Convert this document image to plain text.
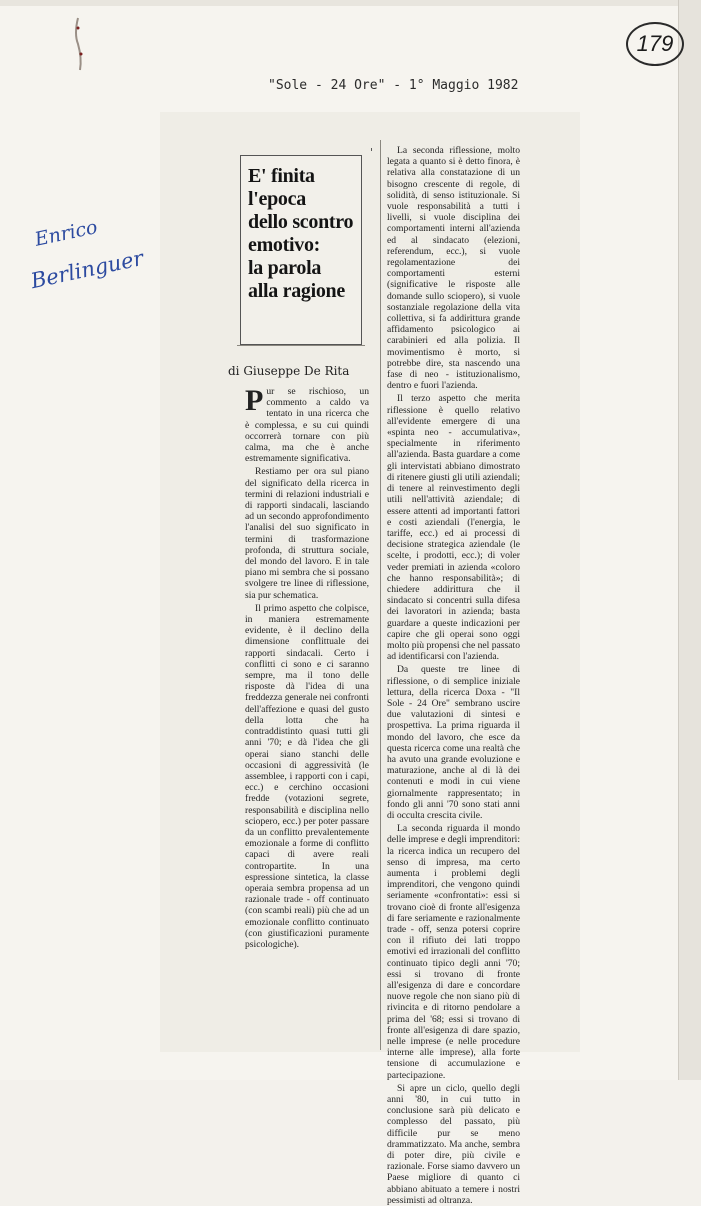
179
"Sole - 24 Ore" - 1° Maggio 1982
Enrico
Berlinguer
E' finita
l'epoca
dello scontro
emotivo:
la parola
alla ragione
di Giuseppe De Rita

Pur se rischioso, un commento a caldo va tentato in una ricerca che è complessa, e su cui quindi occorrerà tornare con più calma, ma che è anche estremamente significativa.

Restiamo per ora sul piano del significato della ricerca in termini di relazioni industriali e di rapporti sindacali, lasciando ad un secondo approfondimento l'analisi del suo significato in termini di trasformazione profonda, di struttura sociale, del mondo del lavoro. E in tale piano mi sembra che si possano svolgere tre linee di riflessione, sia pur schematica.

Il primo aspetto che colpisce, in maniera estremamente evidente, è il declino della dimensione conflittuale dei rapporti sindacali. Certo i conflitti ci sono e ci saranno sempre, ma il tono delle risposte dà l'idea di una freddezza generale nei confronti dell'affezione e quasi del gusto della lotta che ha contraddistinto quasi tutti gli anni '70; e dà l'idea che gli operai siano stanchi delle occasioni di aggressività (le assemblee, i rapporti con i capi, ecc.) e cerchino occasioni fredde (votazioni segrete, responsabilità e disciplina nello sciopero, ecc.) per poter passare da un conflitto prevalentemente emozionale a forme di conflitto capaci di avere reali contropartite. In una espressione sintetica, la classe operaia sembra propensa ad un razionale trade - off continuato (con scambi reali) più che ad un emozionale conflitto continuato (con giustificazioni puramente psicologiche).

'	La seconda riflessione, molto legata a quanto si è detto finora, è relativa alla constatazione di un bisogno crescente di regole, di solidità, di senso istituzionale. Si vuole responsabilità a tutti i livelli, si vuole disciplina dei comportamenti interni all'azienda ed al sindacato (elezioni, referendum, ecc.), si vuole regolamentazione dei comportamenti esterni (significative le risposte alle domande sullo sciopero), si vuole sostanziale regolazione della vita collettiva, si fa addirittura grande affidamento psicologico ai carabinieri ed alla polizia. Il movimentismo è morto, si potrebbe dire, sta nascendo una fase di neo - istituzionalismo, dentro e fuori l'azienda.

Il terzo aspetto che merita riflessione è quello relativo all'evidente emergere di una «spinta neo - accumulativa», specialmente in riferimento all'azienda. Basta guardare a come gli intervistati abbiano dimostrato di ritenere giusti gli utili aziendali; di tenere al reinvestimento degli utili nell'attività aziendale; di essere attenti ad importanti fattori e costi aziendali (l'energia, le tariffe, ecc.) ed ai processi di decisione strategica aziendale (le scelte, i prodotti, ecc.); di voler veder premiati in azienda «coloro che hanno responsabilità»; di chiedere addirittura che il sindacato si concentri sulla difesa dei lavoratori in azienda; basta guardare a queste indicazioni per capire che gli operai sono oggi molto più propensi che nel passato ad identificarsi con l'azienda.

Da queste tre linee di riflessione, o di semplice iniziale lettura, della ricerca Doxa - "Il Sole - 24 Ore" sembrano uscire due valutazioni di sintesi e prospettiva. La prima riguarda il mondo del lavoro, che esce da questa ricerca come una realtà che ha avuto una grande evoluzione e maturazione, anche al di là dei contenuti e modi in cui viene giornalmente rappresentato; in fondo gli anni '70 sono stati anni di occulta crescita civile.

La seconda riguarda il mondo delle imprese e degli imprenditori: la ricerca indica un recupero del senso di impresa, ma certo aumenta i problemi degli imprenditori, che vengono quindi seriamente «confrontati»: essi si trovano cioè di fronte all'esigenza di fare seriamente e razionalmente trade - off, senza potersi coprire con il rifiuto dei lati troppo emotivi ed irrazionali del conflitto continuato tipico degli anni '70; essi si trovano di fronte all'esigenza di dare e concordare nuove regole che non siano più di rivincita e di ritorno pendolare a prima del '68; essi si trovano di fronte all'esigenza di dare spazio, nelle imprese (e nelle procedure interne alle imprese), alla forte tensione di accumulazione e partecipazione.

Si apre un ciclo, quello degli anni '80, in cui tutto in conclusione sarà più delicato e complesso del passato, più difficile pur se meno drammatizzato. Ma anche, sembra di poter dire, più civile e razionale. Forse siamo davvero un Paese migliore di quanto ci abbiano abituato a temere i nostri pessimisti ad oltranza.
